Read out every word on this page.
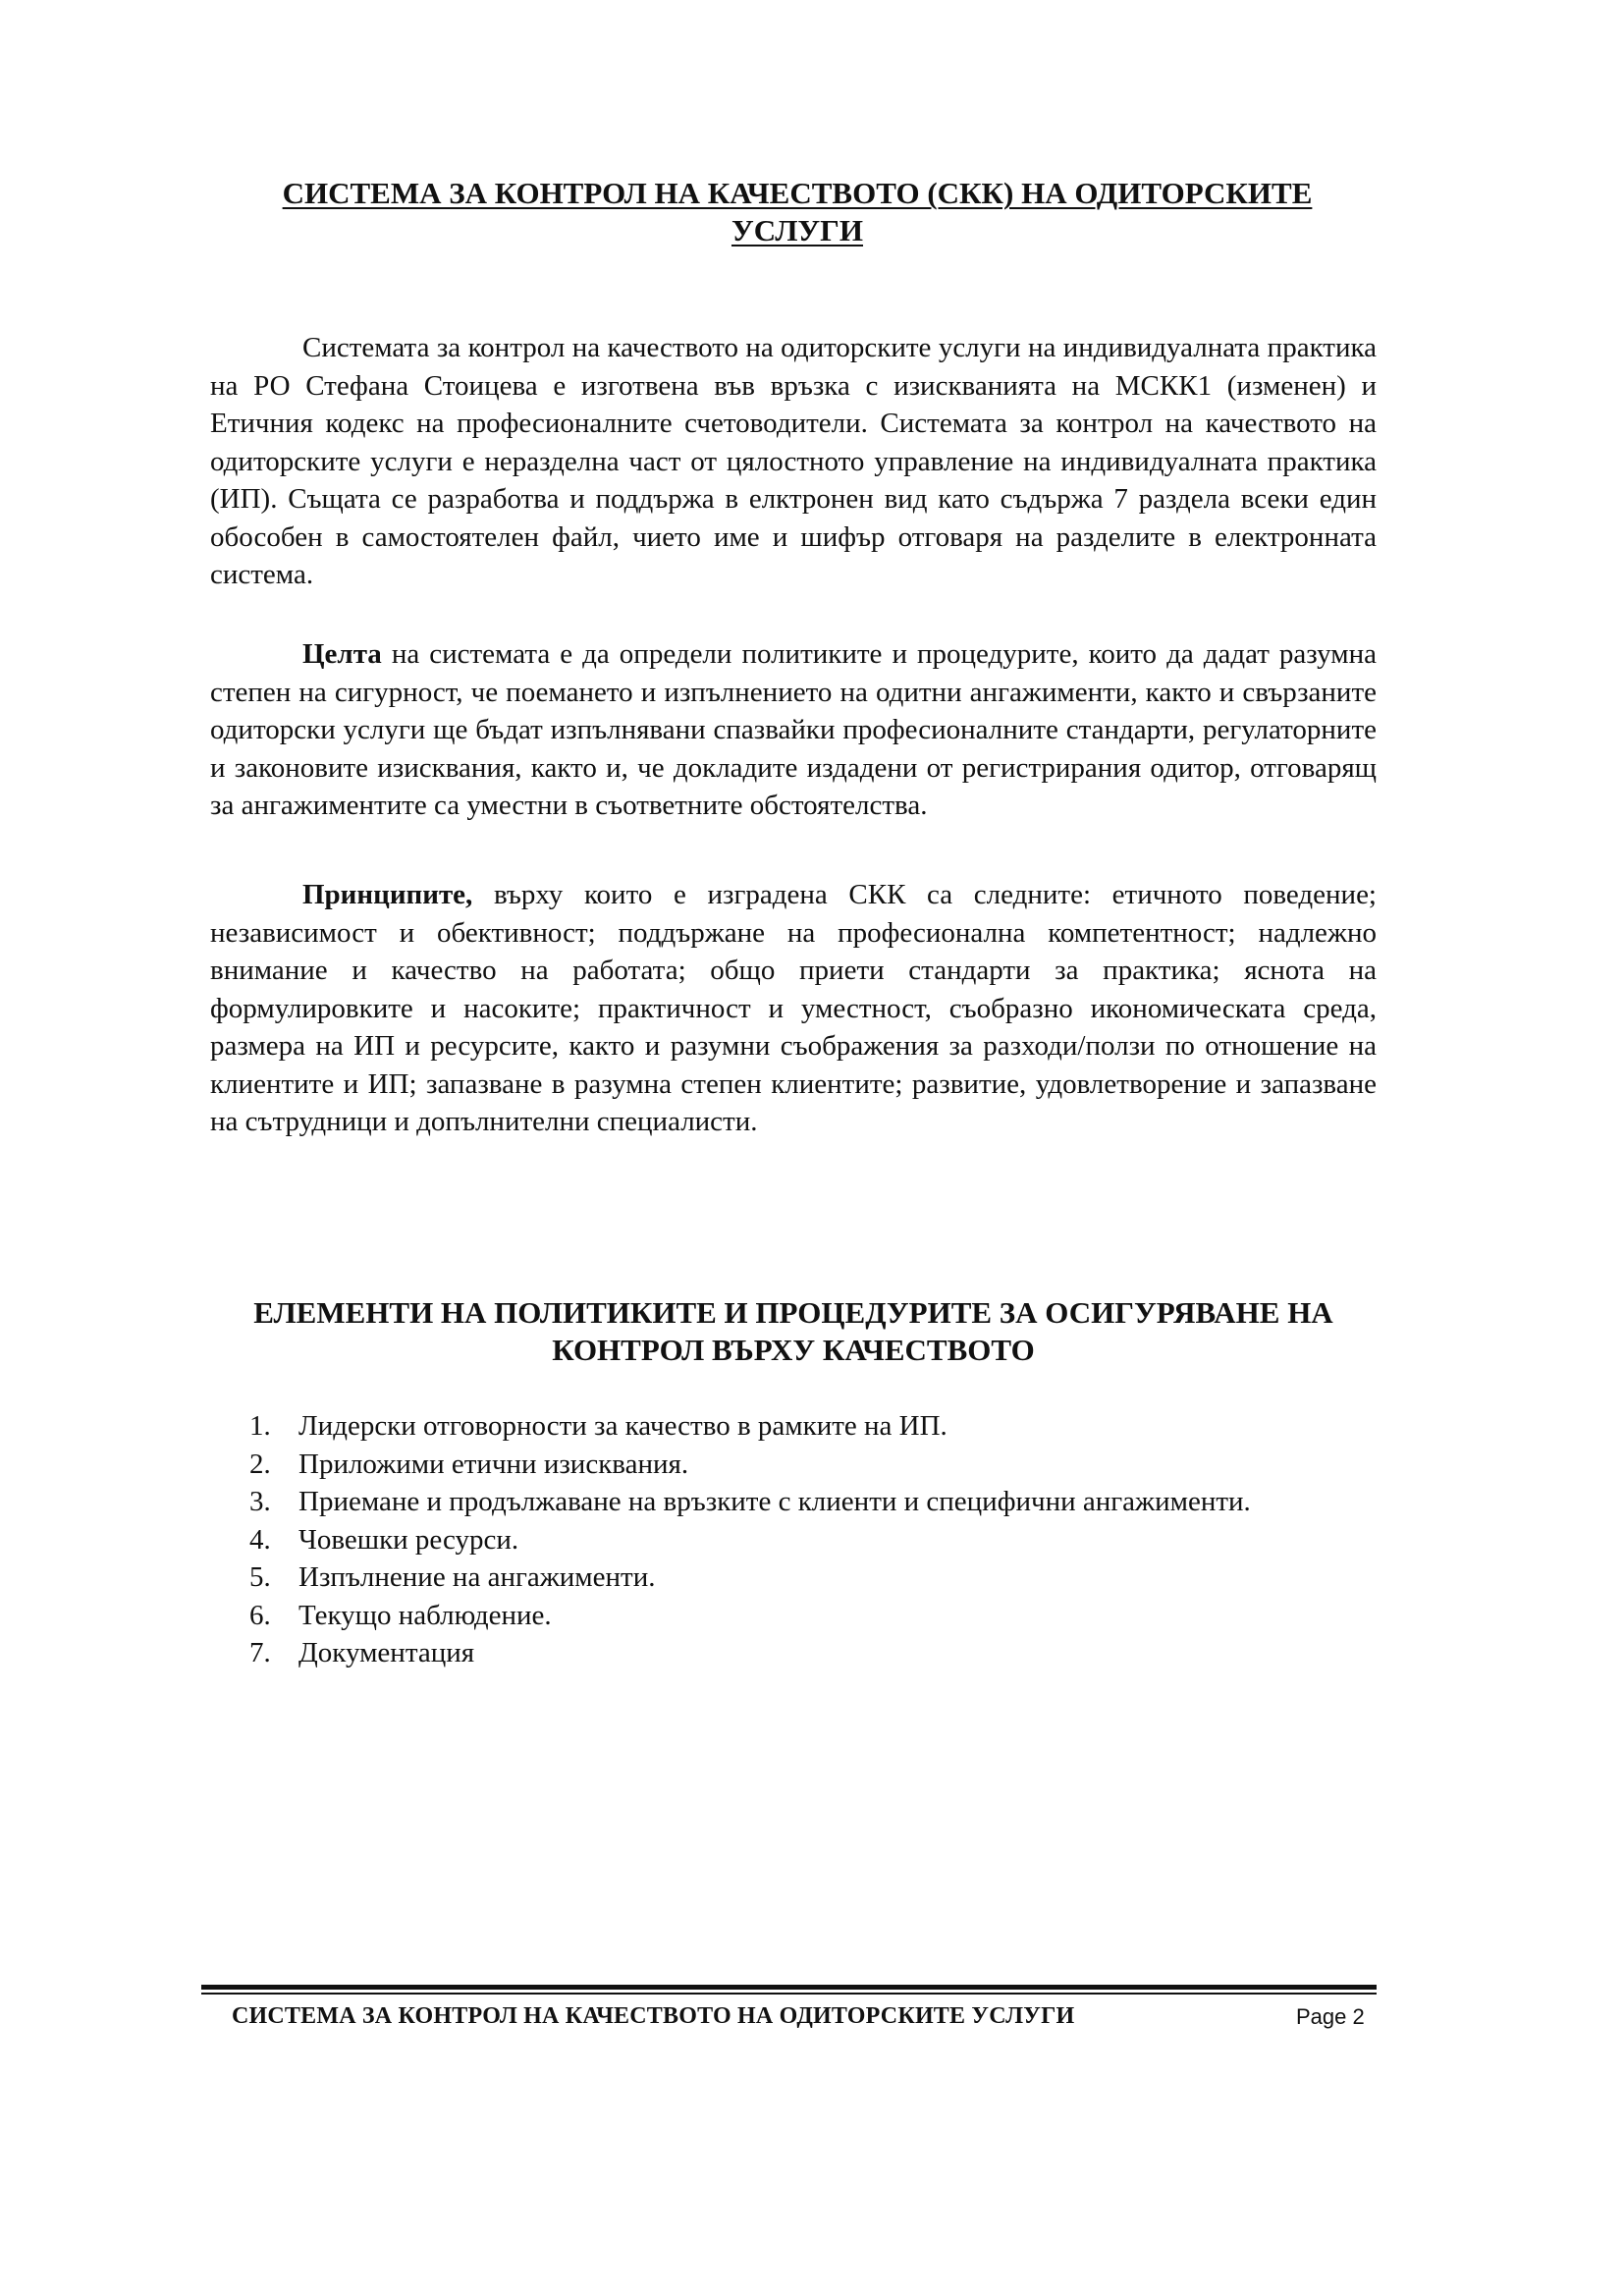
СИСТЕМА ЗА КОНТРОЛ НА КАЧЕСТВОТО (СКК) НА ОДИТОРСКИТЕ УСЛУГИ

Системата за контрол на качеството на одиторските услуги на индивидуалната практика на РО Стефана Стоицева е изготвена във връзка с изискванията на МСКК1 (изменен) и Етичния кодекс на професионалните счетоводители. Системата за контрол на качеството на одиторските услуги е неразделна част от цялостното управление на индивидуалната практика (ИП). Същата се разработва и поддържа в елктронен вид като съдържа 7 раздела всеки един обособен в самостоятелен файл, чието име и шифър отговаря на разделите в електронната система.

Целта на системата е да определи политиките и процедурите, които да дадат разумна степен на сигурност, че поемането и изпълнението на одитни ангажименти, както и свързаните одиторски услуги ще бъдат изпълнявани спазвайки професионалните стандарти, регулаторните и законовите изисквания, както и, че докладите издадени от регистрирания одитор, отговарящ за ангажиментите са уместни в съответните обстоятелства.

Принципите, върху които е изградена СКК са следните: етичното поведение; независимост и обективност; поддържане на професионална компетентност; надлежно внимание и качество на работата; общо приети стандарти за практика; яснота на формулировките и насоките; практичност и уместност, съобразно икономическата среда, размера на ИП и ресурсите, както и разумни съображения за разходи/ползи по отношение на клиентите и ИП; запазване в разумна степен клиентите; развитие, удовлетворение и запазване на сътрудници и допълнителни специалисти.

ЕЛЕМЕНТИ НА ПОЛИТИКИТЕ И ПРОЦЕДУРИТЕ ЗА ОСИГУРЯВАНЕ НА КОНТРОЛ ВЪРХУ КАЧЕСТВОТО
1. Лидерски отговорности за качество в рамките на ИП.
2. Приложими етични изисквания.
3. Приемане и продължаване на връзките с клиенти и специфични ангажименти.
4. Човешки ресурси.
5. Изпълнение на ангажименти.
6. Текущо наблюдение.
7. Документация
СИСТЕМА ЗА КОНТРОЛ НА КАЧЕСТВОТО НА ОДИТОРСКИТЕ УСЛУГИ	Page 2
